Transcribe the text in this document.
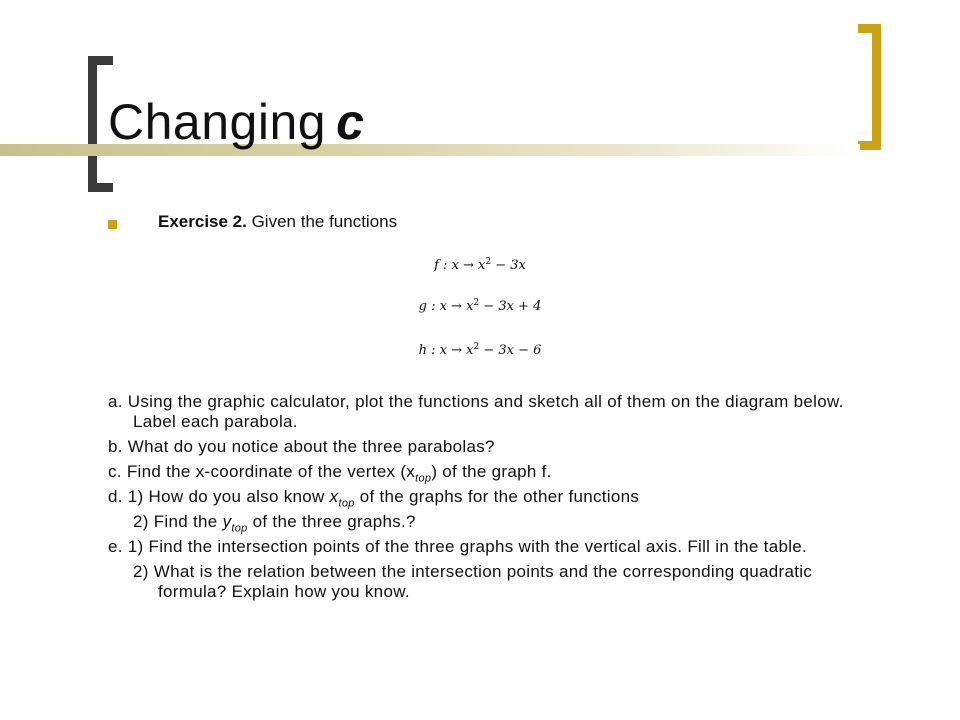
Changing c
Exercise 2. Given the functions
f : $x \to x^2 - 3x$
g : $x \to x^2 - 3x + 4$
h : $x \to x^2 - 3x - 6$

a. Using the graphic calculator, plot the functions and sketch all of them on the diagram below. Label each parabola.

b. What do you notice about the three parabolas?

c. Find the x-coordinate of the vertex $(x_{top})$ of the graph f.

d. 1) How do you also know $x_{top}$ of the graphs for the other functions

2) Find the $y_{top}$ of the three graphs.?

e. 1) Find the intersection points of the three graphs with the vertical axis. Fill in the table.

2) What is the relation between the intersection points and the corresponding quadratic formula? Explain how you know.
